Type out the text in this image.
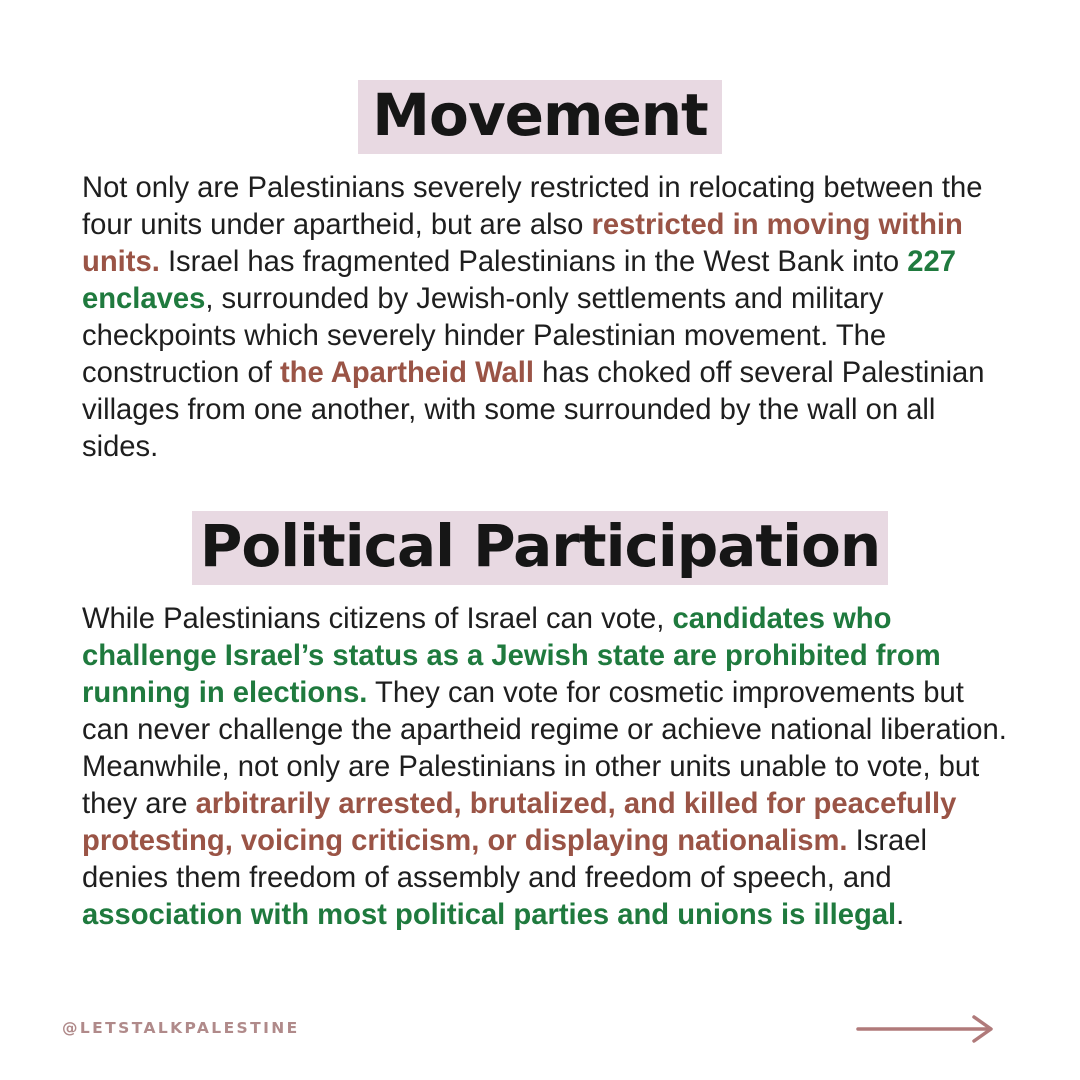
Movement

Not only are Palestinians severely restricted in relocating between the four units under apartheid, but are also restricted in moving within units. Israel has fragmented Palestinians in the West Bank into 227 enclaves, surrounded by Jewish-only settlements and military checkpoints which severely hinder Palestinian movement. The construction of the Apartheid Wall has choked off several Palestinian villages from one another, with some surrounded by the wall on all sides.

Political Participation

While Palestinians citizens of Israel can vote, candidates who challenge Israel’s status as a Jewish state are prohibited from running in elections. They can vote for cosmetic improvements but can never challenge the apartheid regime or achieve national liberation. Meanwhile, not only are Palestinians in other units unable to vote, but they are arbitrarily arrested, brutalized, and killed for peacefully protesting, voicing criticism, or displaying nationalism. Israel denies them freedom of assembly and freedom of speech, and association with most political parties and unions is illegal.

@LETSTALKPALESTINE
